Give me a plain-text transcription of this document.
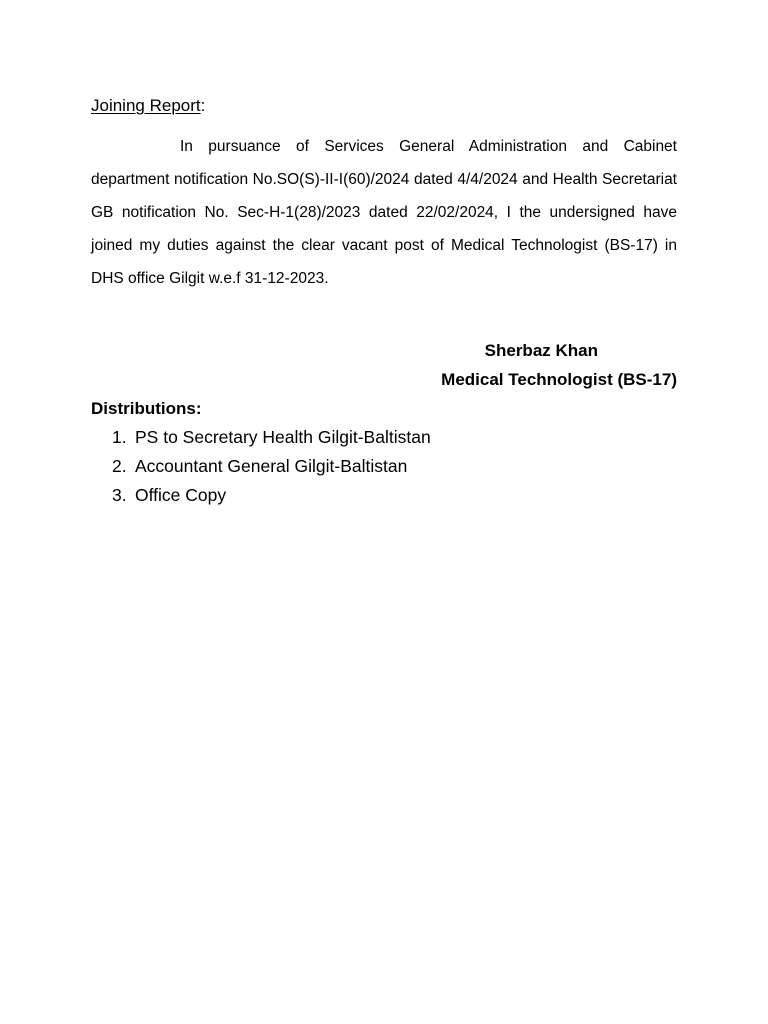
Joining Report:

In pursuance of Services General Administration and Cabinet department notification No.SO(S)-II-I(60)/2024 dated 4/4/2024 and Health Secretariat GB notification No. Sec-H-1(28)/2023 dated 22/02/2024, I the undersigned have joined my duties against the clear vacant post of Medical Technologist (BS-17) in DHS office Gilgit w.e.f 31-12-2023.

Sherbaz Khan
Medical Technologist (BS-17)
Distributions:
1. PS to Secretary Health Gilgit-Baltistan
2. Accountant General Gilgit-Baltistan
3. Office Copy
